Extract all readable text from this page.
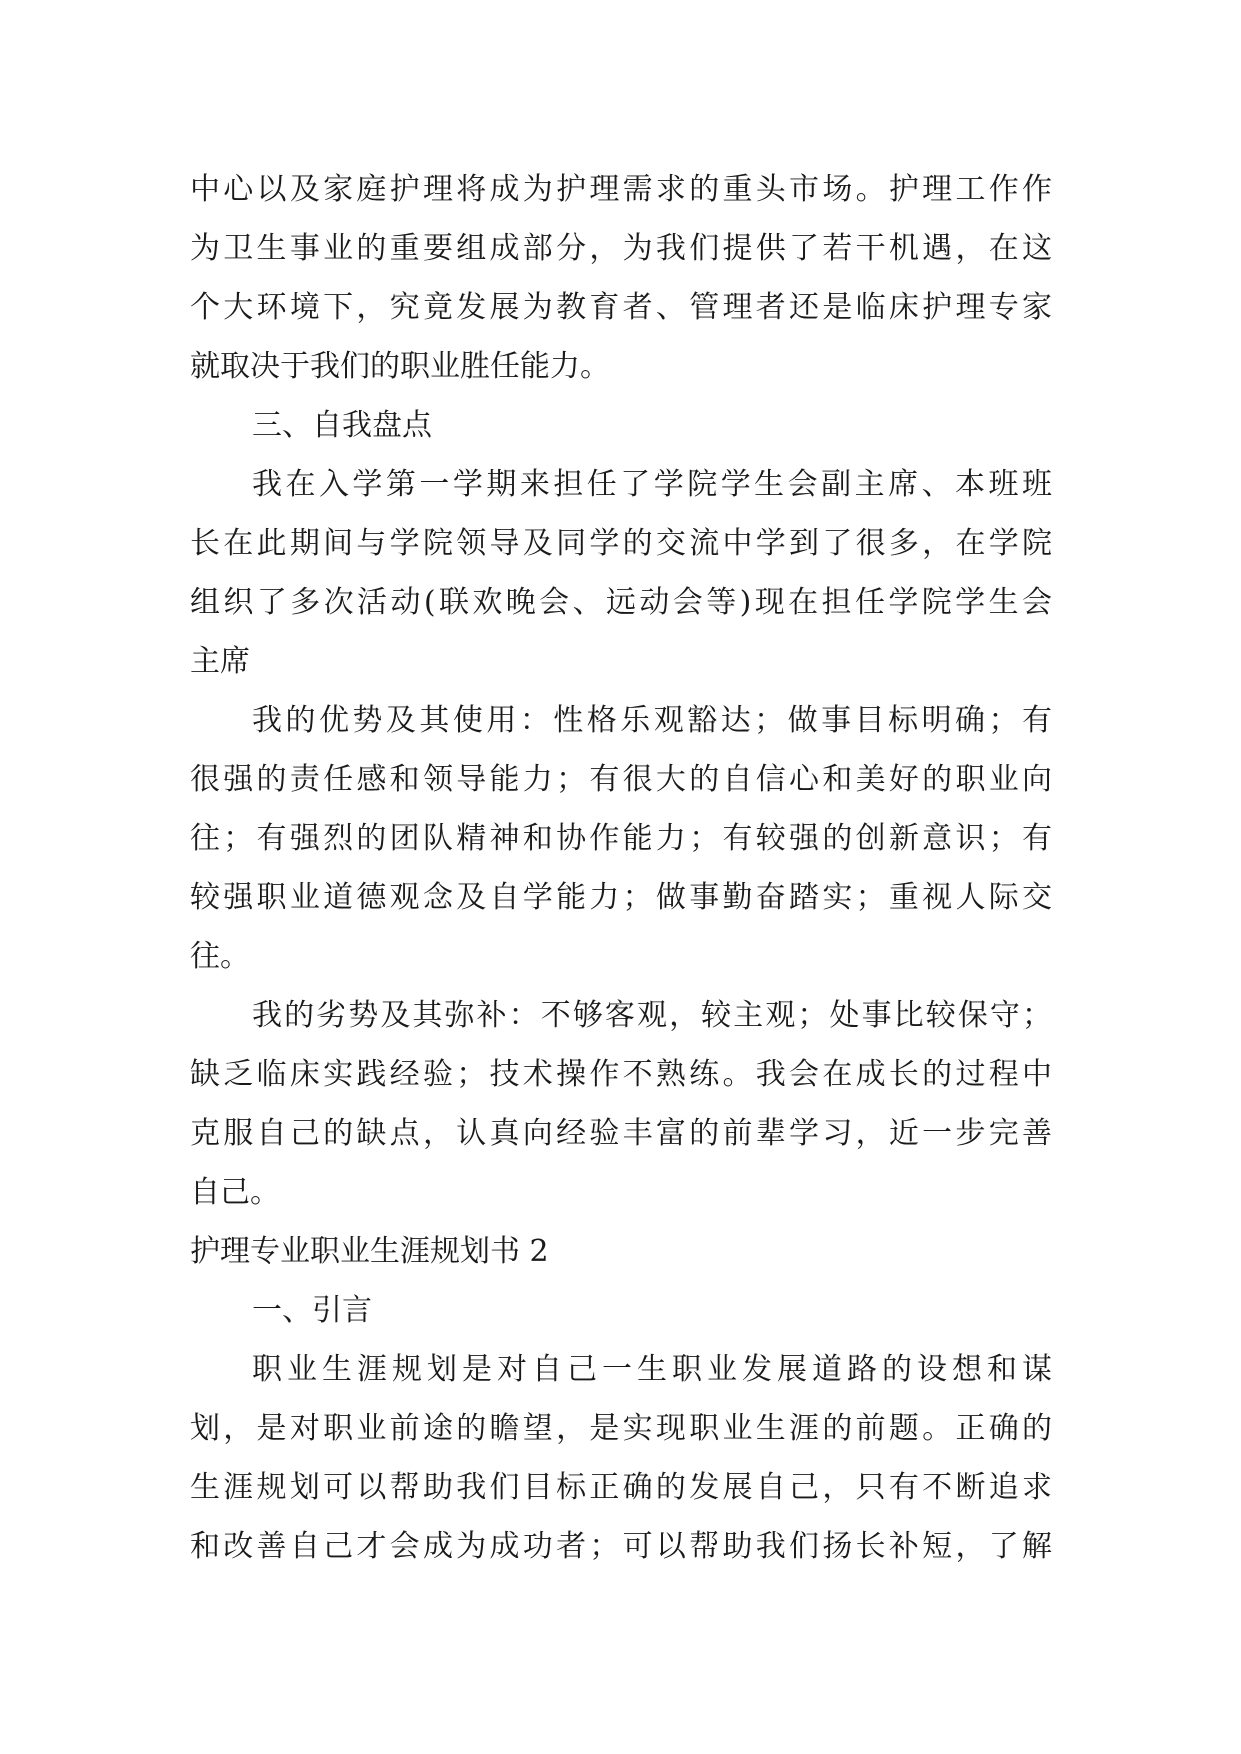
中心以及家庭护理将成为护理需求的重头市场。护理工作作
为卫生事业的重要组成部分，为我们提供了若干机遇，在这
个大环境下，究竟发展为教育者、管理者还是临床护理专家
就取决于我们的职业胜任能力。
三、自我盘点
我在入学第一学期来担任了学院学生会副主席、本班班
长在此期间与学院领导及同学的交流中学到了很多，在学院
组织了多次活动(联欢晚会、远动会等)现在担任学院学生会
主席
我的优势及其使用：性格乐观豁达；做事目标明确；有
很强的责任感和领导能力；有很大的自信心和美好的职业向
往；有强烈的团队精神和协作能力；有较强的创新意识；有
较强职业道德观念及自学能力；做事勤奋踏实；重视人际交
往。
我的劣势及其弥补：不够客观，较主观；处事比较保守；
缺乏临床实践经验；技术操作不熟练。我会在成长的过程中
克服自己的缺点，认真向经验丰富的前辈学习，近一步完善
自己。
护理专业职业生涯规划书 2
一、引言
职业生涯规划是对自己一生职业发展道路的设想和谋
划，是对职业前途的瞻望，是实现职业生涯的前题。正确的
生涯规划可以帮助我们目标正确的发展自己，只有不断追求
和改善自己才会成为成功者；可以帮助我们扬长补短，了解
